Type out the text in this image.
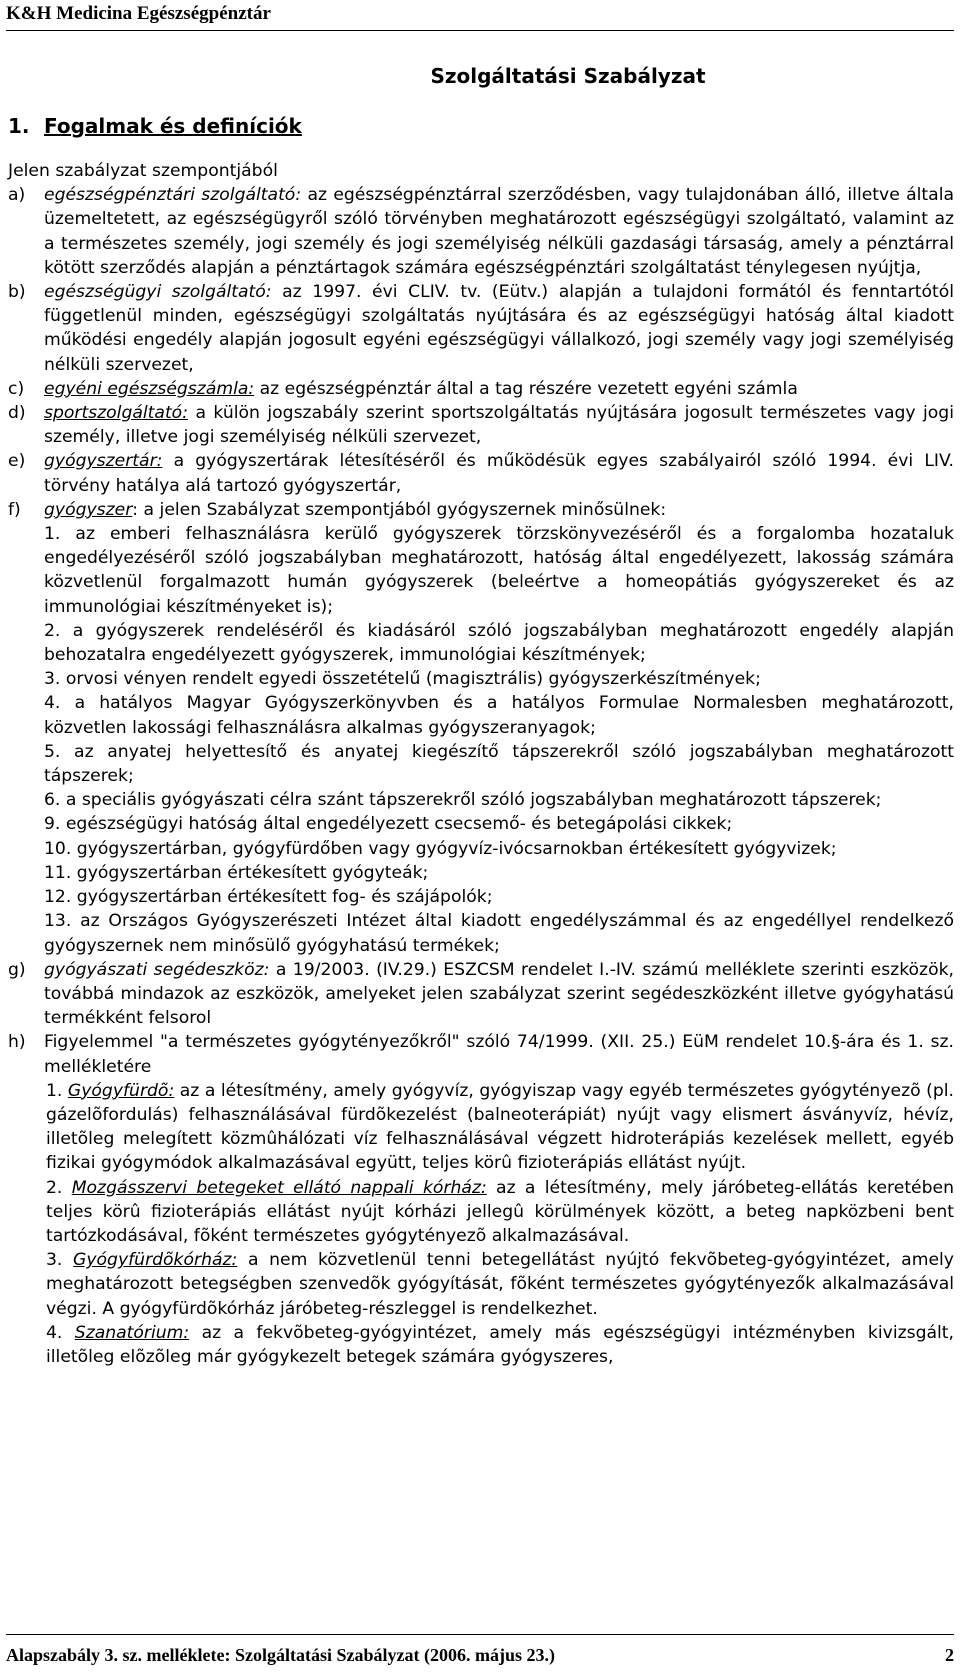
K&H Medicina Egészségpénztár
Szolgáltatási Szabályzat
1. Fogalmak és definíciók

Jelen szabályzat szempontjából

a)	egészségpénztári szolgáltató: az egészségpénztárral szerződésben, vagy tulajdonában álló, illetve általa üzemeltetett, az egészségügyről szóló törvényben meghatározott egészségügyi szolgáltató, valamint az a természetes személy, jogi személy és jogi személyiség nélküli gazdasági társaság, amely a pénztárral kötött szerződés alapján a pénztártagok számára egészségpénztári szolgáltatást ténylegesen nyújtja,
b)	egészségügyi szolgáltató: az 1997. évi CLIV. tv. (Eütv.) alapján a tulajdoni formától és fenntartótól függetlenül minden, egészségügyi szolgáltatás nyújtására és az egészségügyi hatóság által kiadott működési engedély alapján jogosult egyéni egészségügyi vállalkozó, jogi személy vagy jogi személyiség nélküli szervezet,
c)	egyéni egészségszámla: az egészségpénztár által a tag részére vezetett egyéni számla
d)	sportszolgáltató: a külön jogszabály szerint sportszolgáltatás nyújtására jogosult természetes vagy jogi személy, illetve jogi személyiség nélküli szervezet,
e)	gyógyszertár: a gyógyszertárak létesítéséről és működésük egyes szabályairól szóló 1994. évi LIV. törvény hatálya alá tartozó gyógyszertár,
f)	gyógyszer: a jelen Szabályzat szempontjából gyógyszernek minősülnek:
1. az emberi felhasználásra kerülő gyógyszerek törzskönyvezéséről és a forgalomba hozataluk engedélyezéséről szóló jogszabályban meghatározott, hatóság által engedélyezett, lakosság számára közvetlenül forgalmazott humán gyógyszerek (beleértve a homeopátiás gyógyszereket és az immunológiai készítményeket is);
2. a gyógyszerek rendeléséről és kiadásáról szóló jogszabályban meghatározott engedély alapján behozatalra engedélyezett gyógyszerek, immunológiai készítmények;
3. orvosi vényen rendelt egyedi összetételű (magisztrális) gyógyszerkészítmények;
4. a hatályos Magyar Gyógyszerkönyvben és a hatályos Formulae Normalesben meghatározott, közvetlen lakossági felhasználásra alkalmas gyógyszeranyagok;
5. az anyatej helyettesítő és anyatej kiegészítő tápszerekről szóló jogszabályban meghatározott tápszerek;
6. a speciális gyógyászati célra szánt tápszerekről szóló jogszabályban meghatározott tápszerek;
9. egészségügyi hatóság által engedélyezett csecsemő- és betegápolási cikkek;
10. gyógyszertárban, gyógyfürdőben vagy gyógyvíz-ivócsarnokban értékesített gyógyvizek;
11. gyógyszertárban értékesített gyógyteák;
12. gyógyszertárban értékesített fog- és szájápolók;
13. az Országos Gyógyszerészeti Intézet által kiadott engedélyszámmal és az engedéllyel rendelkező gyógyszernek nem minősülő gyógyhatású termékek;
g)	gyógyászati segédeszköz: a 19/2003. (IV.29.) ESZCSM rendelet I.-IV. számú melléklete szerinti eszközök, továbbá mindazok az eszközök, amelyeket jelen szabályzat szerint segédeszközként illetve gyógyhatású termékként felsorol
h)	Figyelemmel "a természetes gyógytényezőkről" szóló 74/1999. (XII. 25.) EüM rendelet 10.§-ára és 1. sz. mellékletére
1. Gyógyfürdõ: az a létesítmény, amely gyógyvíz, gyógyiszap vagy egyéb természetes gyógytényezõ (pl. gázelõfordulás) felhasználásával fürdõkezelést (balneoterápiát) nyújt vagy elismert ásványvíz, hévíz, illetõleg melegített közmûhálózati víz felhasználásával végzett hidroterápiás kezelések mellett, egyéb fizikai gyógymódok alkalmazásával együtt, teljes körû fizioterápiás ellátást nyújt.
2. Mozgásszervi betegeket ellátó nappali kórház: az a létesítmény, mely járóbeteg-ellátás keretében teljes körû fizioterápiás ellátást nyújt kórházi jellegû körülmények között, a beteg napközbeni bent tartózkodásával, fõként természetes gyógytényezõ alkalmazásával.
3. Gyógyfürdõkórház: a nem közvetlenül tenni betegellátást nyújtó fekvõbeteg-gyógyintézet, amely meghatározott betegségben szenvedõk gyógyítását, fõként természetes gyógytényezők alkalmazásával végzi. A gyógyfürdõkórház járóbeteg-részleggel is rendelkezhet.
4. Szanatórium: az a fekvõbeteg-gyógyintézet, amely más egészségügyi intézményben kivizsgált, illetõleg elõzõleg már gyógykezelt betegek számára gyógyszeres,
Alapszabály 3. sz. melléklete: Szolgáltatási Szabályzat (2006. május 23.)	2
